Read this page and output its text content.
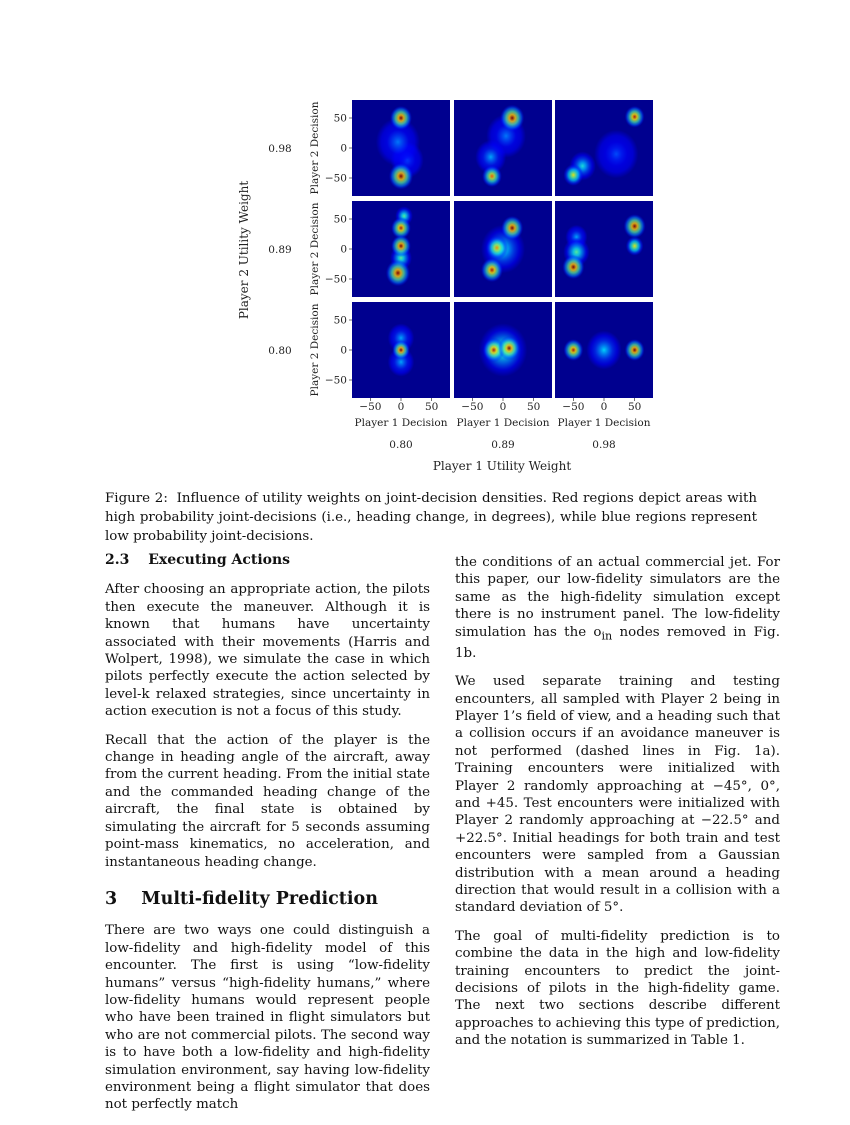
Player 2 Utility Weight
Player 1 Utility Weight
50
0
−50
Player 2 Decision
0.98
50
0
−50
Player 2 Decision
0.89
50
0
−50
Player 2 Decision
0.80
−50 0 50
Player 1 Decision
0.80
−50 0 50
Player 1 Decision
0.89
−50 0 50
Player 1 Decision
0.98
Figure 2: Influence of utility weights on joint-decision densities. Red regions depict areas with high probability joint-decisions (i.e., heading change, in degrees), while blue regions represent low probability joint-decisions.
2.3 Executing Actions

After choosing an appropriate action, the pilots then execute the maneuver. Although it is known that humans have uncertainty associated with their movements (Harris and Wolpert, 1998), we simulate the case in which pilots perfectly execute the action selected by level-k relaxed strategies, since uncertainty in action execution is not a focus of this study.

Recall that the action of the player is the change in heading angle of the aircraft, away from the current heading. From the initial state and the commanded heading change of the aircraft, the final state is obtained by simulating the aircraft for 5 seconds assuming point-mass kinematics, no acceleration, and instantaneous heading change.

3 Multi-fidelity Prediction

There are two ways one could distinguish a low-fidelity and high-fidelity model of this encounter. The first is using “low-fidelity humans” versus “high-fidelity humans,” where low-fidelity humans would represent people who have been trained in flight simulators but who are not commercial pilots. The second way is to have both a low-fidelity and high-fidelity simulation environment, say having low-fidelity environment being a flight simulator that does not perfectly match

the conditions of an actual commercial jet. For this paper, our low-fidelity simulators are the same as the high-fidelity simulation except there is no instrument panel. The low-fidelity simulation has the $o_{in}$ nodes removed in Fig. 1b.

We used separate training and testing encounters, all sampled with Player 2 being in Player 1’s field of view, and a heading such that a collision occurs if an avoidance maneuver is not performed (dashed lines in Fig. 1a). Training encounters were initialized with Player 2 randomly approaching at −45°, 0°, and +45. Test encounters were initialized with Player 2 randomly approaching at −22.5° and +22.5°. Initial headings for both train and test encounters were sampled from a Gaussian distribution with a mean around a heading direction that would result in a collision with a standard deviation of 5°.

The goal of multi-fidelity prediction is to combine the data in the high and low-fidelity training encounters to predict the joint-decisions of pilots in the high-fidelity game. The next two sections describe different approaches to achieving this type of prediction, and the notation is summarized in Table 1.
